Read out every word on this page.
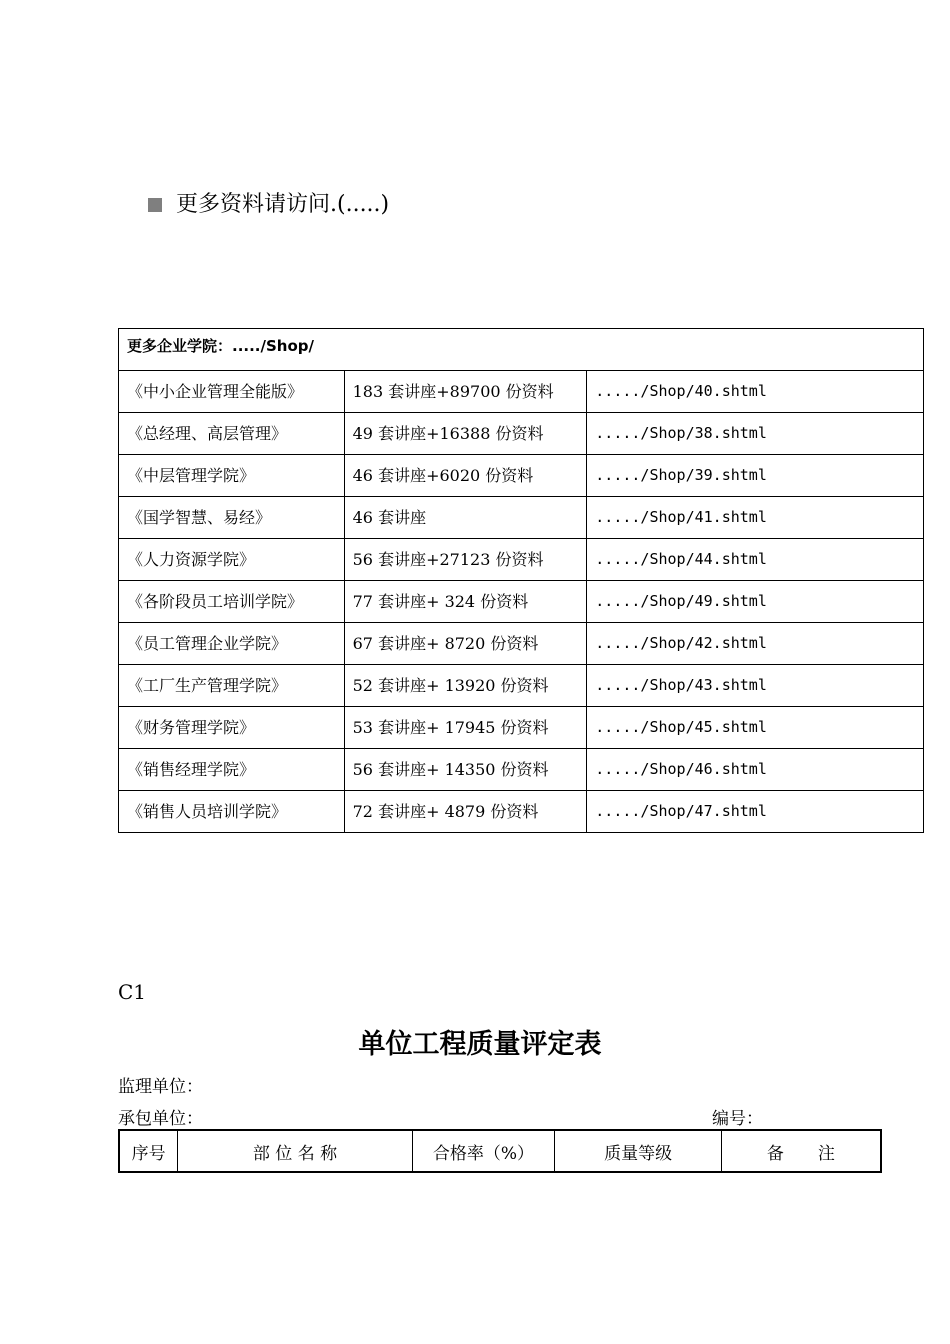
更多资料请访问.(.....)
更多企业学院：...../Shop/		
《中小企业管理全能版》	183 套讲座+89700 份资料	...../Shop/40.shtml
《总经理、高层管理》	49 套讲座+16388 份资料	...../Shop/38.shtml
《中层管理学院》	46 套讲座+6020 份资料	...../Shop/39.shtml
《国学智慧、易经》	46 套讲座	...../Shop/41.shtml
《人力资源学院》	56 套讲座+27123 份资料	...../Shop/44.shtml
《各阶段员工培训学院》	77 套讲座+ 324 份资料	...../Shop/49.shtml
《员工管理企业学院》	67 套讲座+ 8720 份资料	...../Shop/42.shtml
《工厂生产管理学院》	52 套讲座+ 13920 份资料	...../Shop/43.shtml
《财务管理学院》	53 套讲座+ 17945 份资料	...../Shop/45.shtml
《销售经理学院》	56 套讲座+ 14350 份资料	...../Shop/46.shtml
《销售人员培训学院》	72 套讲座+ 4879 份资料	...../Shop/47.shtml
C1
单位工程质量评定表
监理单位：
承包单位：	编号：
序号	部 位 名 称	合格率（%）	质量等级	备　　注
